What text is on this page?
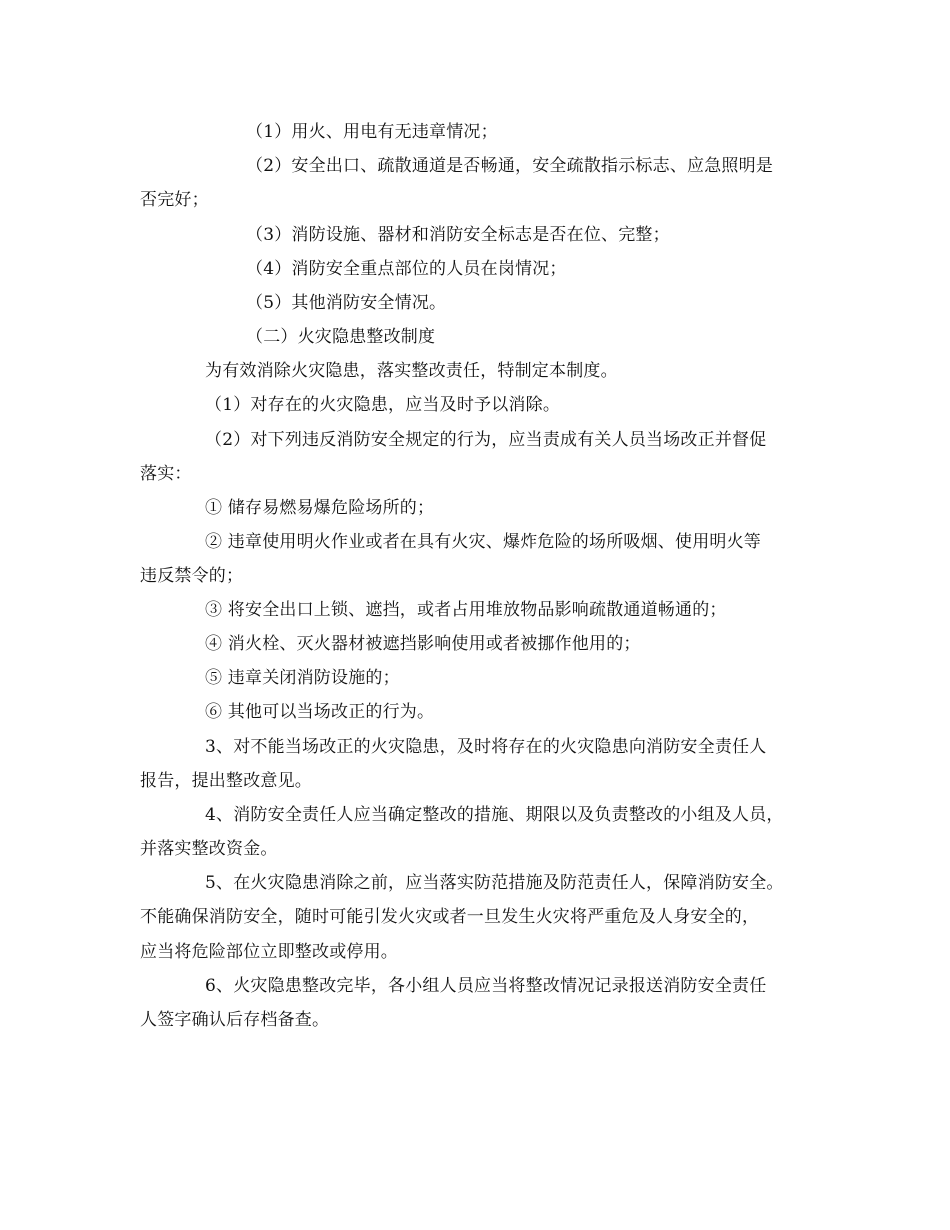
（1）用火、用电有无违章情况；
（2）安全出口、疏散通道是否畅通，安全疏散指示标志、应急照明是
否完好；
（3）消防设施、器材和消防安全标志是否在位、完整；
（4）消防安全重点部位的人员在岗情况；
（5）其他消防安全情况。
（二）火灾隐患整改制度
为有效消除火灾隐患，落实整改责任，特制定本制度。
（1）对存在的火灾隐患，应当及时予以消除。
（2）对下列违反消防安全规定的行为，应当责成有关人员当场改正并督促
落实：
① 储存易燃易爆危险场所的；
② 违章使用明火作业或者在具有火灾、爆炸危险的场所吸烟、使用明火等
违反禁令的；
③ 将安全出口上锁、遮挡，或者占用堆放物品影响疏散通道畅通的；
④ 消火栓、灭火器材被遮挡影响使用或者被挪作他用的；
⑤ 违章关闭消防设施的；
⑥ 其他可以当场改正的行为。
3、对不能当场改正的火灾隐患，及时将存在的火灾隐患向消防安全责任人
报告，提出整改意见。
4、消防安全责任人应当确定整改的措施、期限以及负责整改的小组及人员，
并落实整改资金。
5、在火灾隐患消除之前，应当落实防范措施及防范责任人，保障消防安全。
不能确保消防安全，随时可能引发火灾或者一旦发生火灾将严重危及人身安全的，
应当将危险部位立即整改或停用。
6、火灾隐患整改完毕，各小组人员应当将整改情况记录报送消防安全责任
人签字确认后存档备查。
